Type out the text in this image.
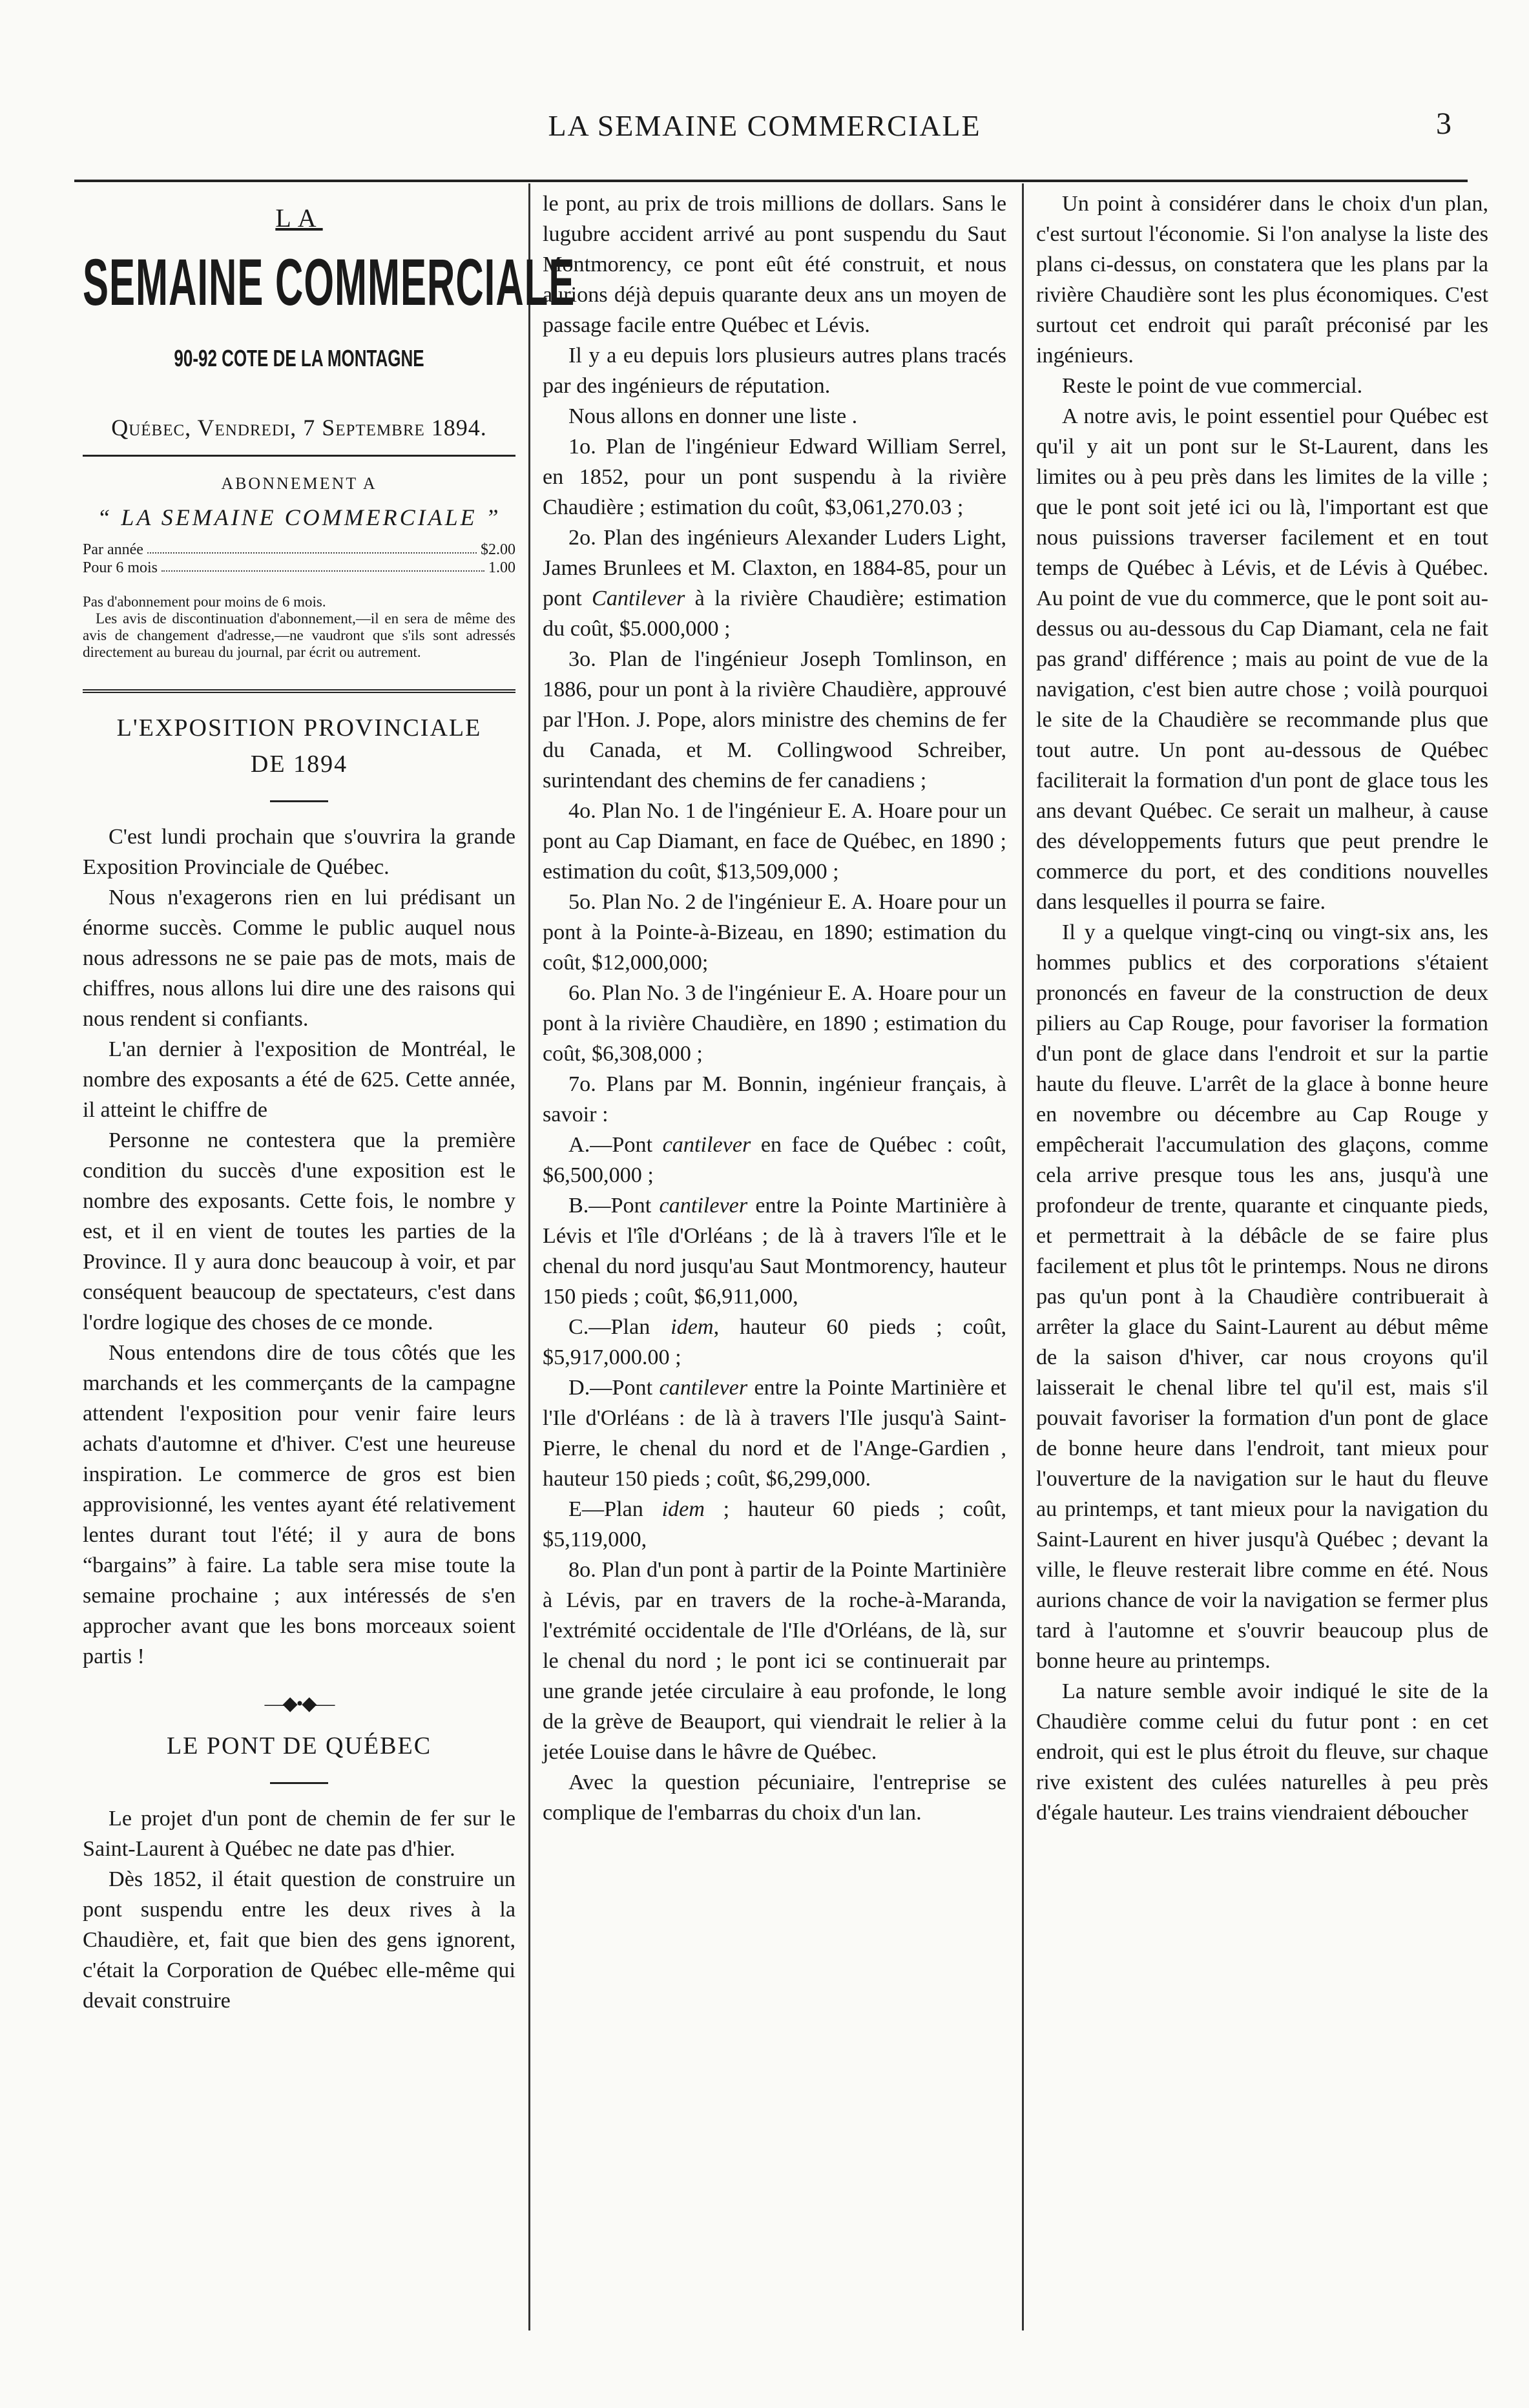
LA SEMAINE COMMERCIALE	3
LA
SEMAINE COMMERCIALE
90-92 COTE DE LA MONTAGNE
Québec, Vendredi, 7 Septembre 1894.
ABONNEMENT A
“ LA SEMAINE COMMERCIALE ”
Par année	$2.00
Pour 6 mois	1.00

Pas d'abonnement pour moins de 6 mois.

Les avis de discontinuation d'abonnement,—il en sera de même des avis de changement d'adresse,—ne vaudront que s'ils sont adressés directement au bureau du journal, par écrit ou autrement.

L'EXPOSITION PROVINCIALE
DE 1894

C'est lundi prochain que s'ouvrira la grande Exposition Provinciale de Québec.

Nous n'exagerons rien en lui prédisant un énorme succès. Comme le public auquel nous nous adressons ne se paie pas de mots, mais de chiffres, nous allons lui dire une des raisons qui nous rendent si confiants.

L'an dernier à l'exposition de Montréal, le nombre des exposants a été de 625. Cette année, il atteint le chiffre de

Personne ne contestera que la première condition du succès d'une exposition est le nombre des exposants. Cette fois, le nombre y est, et il en vient de toutes les parties de la Province. Il y aura donc beaucoup à voir, et par conséquent beaucoup de spectateurs, c'est dans l'ordre logique des choses de ce monde.

Nous entendons dire de tous côtés que les marchands et les commerçants de la campagne attendent l'exposition pour venir faire leurs achats d'automne et d'hiver. C'est une heureuse inspiration. Le commerce de gros est bien approvisionné, les ventes ayant été relativement lentes durant tout l'été; il y aura de bons “bargains” à faire. La table sera mise toute la semaine prochaine ; aux intéressés de s'en approcher avant que les bons morceaux soient partis !

—◆•◆—
LE PONT DE QUÉBEC

Le projet d'un pont de chemin de fer sur le Saint-Laurent à Québec ne date pas d'hier.

Dès 1852, il était question de construire un pont suspendu entre les deux rives à la Chaudière, et, fait que bien des gens ignorent, c'était la Corporation de Québec elle-même qui devait construire

le pont, au prix de trois millions de dollars. Sans le lugubre accident arrivé au pont suspendu du Saut Montmorency, ce pont eût été construit, et nous aurions déjà depuis quarante deux ans un moyen de passage facile entre Québec et Lévis.

Il y a eu depuis lors plusieurs autres plans tracés par des ingénieurs de réputation.

Nous allons en donner une liste .

1o. Plan de l'ingénieur Edward William Serrel, en 1852, pour un pont suspendu à la rivière Chaudière ; estimation du coût, $3,061,270.03 ;

2o. Plan des ingénieurs Alexander Luders Light, James Brunlees et M. Claxton, en 1884-85, pour un pont Cantilever à la rivière Chaudière; estimation du coût, $5.000,000 ;

3o. Plan de l'ingénieur Joseph Tomlinson, en 1886, pour un pont à la rivière Chaudière, approuvé par l'Hon. J. Pope, alors ministre des chemins de fer du Canada, et M. Collingwood Schreiber, surintendant des chemins de fer canadiens ;

4o. Plan No. 1 de l'ingénieur E. A. Hoare pour un pont au Cap Diamant, en face de Québec, en 1890 ; estimation du coût, $13,509,000 ;

5o. Plan No. 2 de l'ingénieur E. A. Hoare pour un pont à la Pointe-à-Bizeau, en 1890; estimation du coût, $12,000,000;

6o. Plan No. 3 de l'ingénieur E. A. Hoare pour un pont à la rivière Chaudière, en 1890 ; estimation du coût, $6,308,000 ;

7o. Plans par M. Bonnin, ingénieur français, à savoir :

A.—Pont cantilever en face de Québec : coût, $6,500,000 ;

B.—Pont cantilever entre la Pointe Martinière à Lévis et l'île d'Orléans ; de là à travers l'île et le chenal du nord jusqu'au Saut Montmorency, hauteur 150 pieds ; coût, $6,911,000,

C.—Plan idem, hauteur 60 pieds ; coût, $5,917,000.00 ;

D.—Pont cantilever entre la Pointe Martinière et l'Ile d'Orléans : de là à travers l'Ile jusqu'à Saint-Pierre, le chenal du nord et de l'Ange-Gardien , hauteur 150 pieds ; coût, $6,299,000.

E—Plan idem ; hauteur 60 pieds ; coût, $5,119,000,

8o. Plan d'un pont à partir de la Pointe Martinière à Lévis, par en travers de la roche-à-Maranda, l'extrémité occidentale de l'Ile d'Orléans, de là, sur le chenal du nord ; le pont ici se continuerait par une grande jetée circulaire à eau profonde, le long de la grève de Beauport, qui viendrait le relier à la jetée Louise dans le hâvre de Québec.

Avec la question pécuniaire, l'entreprise se complique de l'embarras du choix d'un lan.

Un point à considérer dans le choix d'un plan, c'est surtout l'économie. Si l'on analyse la liste des plans ci-dessus, on constatera que les plans par la rivière Chaudière sont les plus économiques. C'est surtout cet endroit qui paraît préconisé par les ingénieurs.

Reste le point de vue commercial.

A notre avis, le point essentiel pour Québec est qu'il y ait un pont sur le St-Laurent, dans les limites ou à peu près dans les limites de la ville ; que le pont soit jeté ici ou là, l'important est que nous puissions traverser facilement et en tout temps de Québec à Lévis, et de Lévis à Québec. Au point de vue du commerce, que le pont soit au-dessus ou au-dessous du Cap Diamant, cela ne fait pas grand' différence ; mais au point de vue de la navigation, c'est bien autre chose ; voilà pourquoi le site de la Chaudière se recommande plus que tout autre. Un pont au-dessous de Québec faciliterait la formation d'un pont de glace tous les ans devant Québec. Ce serait un malheur, à cause des développements futurs que peut prendre le commerce du port, et des conditions nouvelles dans lesquelles il pourra se faire.

Il y a quelque vingt-cinq ou vingt-six ans, les hommes publics et des corporations s'étaient prononcés en faveur de la construction de deux piliers au Cap Rouge, pour favoriser la formation d'un pont de glace dans l'endroit et sur la partie haute du fleuve. L'arrêt de la glace à bonne heure en novembre ou décembre au Cap Rouge y empêcherait l'accumulation des glaçons, comme cela arrive presque tous les ans, jusqu'à une profondeur de trente, quarante et cinquante pieds, et permettrait à la débâcle de se faire plus facilement et plus tôt le printemps. Nous ne dirons pas qu'un pont à la Chaudière contribuerait à arrêter la glace du Saint-Laurent au début même de la saison d'hiver, car nous croyons qu'il laisserait le chenal libre tel qu'il est, mais s'il pouvait favoriser la formation d'un pont de glace de bonne heure dans l'endroit, tant mieux pour l'ouverture de la navigation sur le haut du fleuve au printemps, et tant mieux pour la navigation du Saint-Laurent en hiver jusqu'à Québec ; devant la ville, le fleuve resterait libre comme en été. Nous aurions chance de voir la navigation se fermer plus tard à l'automne et s'ouvrir beaucoup plus de bonne heure au printemps.

La nature semble avoir indiqué le site de la Chaudière comme celui du futur pont : en cet endroit, qui est le plus étroit du fleuve, sur chaque rive existent des culées naturelles à peu près d'égale hauteur. Les trains viendraient déboucher
